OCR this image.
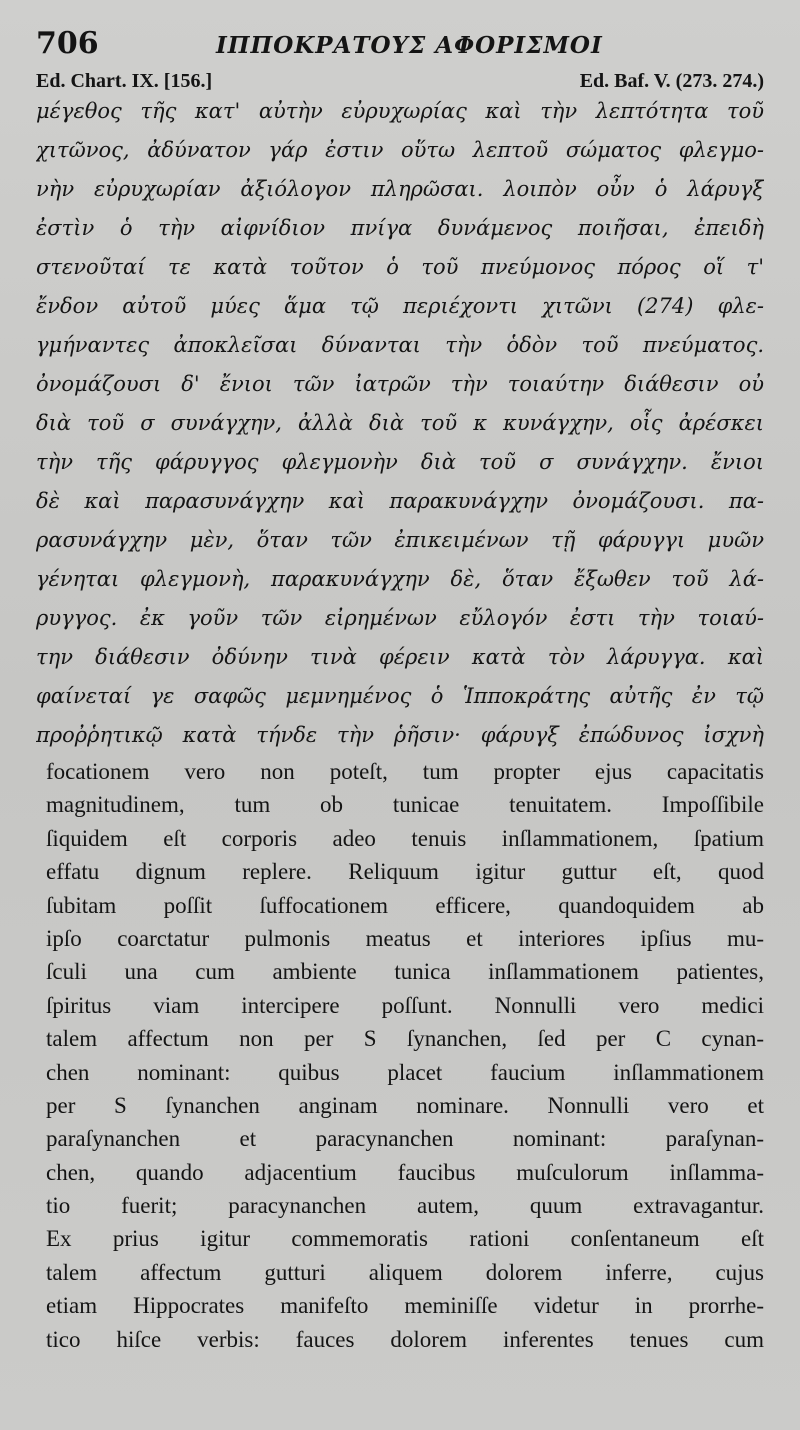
706	ΙΠΠΟΚΡΑΤΟΥΣ ΑΦΟΡΙΣΜΟΙ
Ed. Chart. IX. [156.]	Ed. Baf. V. (273. 274.)
μέγεθος τῆς κατ' αὐτὴν εὐρυχωρίας καὶ τὴν λεπτότητα τοῦ
χιτῶνος, ἀδύνατον γάρ ἐστιν οὕτω λεπτοῦ σώματος φλεγμο-
νὴν εὐρυχωρίαν ἀξιόλογον πληρῶσαι. λοιπὸν οὖν ὁ λάρυγξ
ἐστὶν ὁ τὴν αἰφνίδιον πνίγα δυνάμενος ποιῆσαι, ἐπειδὴ
στενοῦταί τε κατὰ τοῦτον ὁ τοῦ πνεύμονος πόρος οἵ τ'
ἔνδον αὐτοῦ μύες ἅμα τῷ περιέχοντι χιτῶνι (274) φλε-
γμήναντες ἀποκλεῖσαι δύνανται τὴν ὁδὸν τοῦ πνεύματος.
ὀνομάζουσι δ' ἔνιοι τῶν ἰατρῶν τὴν τοιαύτην διάθεσιν οὐ
διὰ τοῦ σ συνάγχην, ἀλλὰ διὰ τοῦ κ κυνάγχην, οἷς ἀρέσκει
τὴν τῆς φάρυγγος φλεγμονὴν διὰ τοῦ σ συνάγχην. ἔνιοι
δὲ καὶ παρασυνάγχην καὶ παρακυνάγχην ὀνομάζουσι. πα-
ρασυνάγχην μὲν, ὅταν τῶν ἐπικειμένων τῇ φάρυγγι μυῶν
γένηται φλεγμονὴ, παρακυνάγχην δὲ, ὅταν ἔξωθεν τοῦ λά-
ρυγγος. ἐκ γοῦν τῶν εἰρημένων εὔλογόν ἐστι τὴν τοιαύ-
την διάθεσιν ὀδύνην τινὰ φέρειν κατὰ τὸν λάρυγγα. καὶ
φαίνεταί γε σαφῶς μεμνημένος ὁ Ἱπποκράτης αὐτῆς ἐν τῷ
προῤῥητικῷ κατὰ τήνδε τὴν ῥῆσιν· φάρυγξ ἐπώδυνος ἰσχνὴ
focationem vero non poteſt, tum propter ejus capacitatis
magnitudinem, tum ob tunicae tenuitatem. Impoſſibile
ſiquidem eſt corporis adeo tenuis inſlammationem, ſpatium
effatu dignum replere. Reliquum igitur guttur eſt, quod
ſubitam poſſit ſuffocationem efficere, quandoquidem ab
ipſo coarctatur pulmonis meatus et interiores ipſius mu-
ſculi una cum ambiente tunica inſlammationem patientes,
ſpiritus viam intercipere poſſunt. Nonnulli vero medici
talem affectum non per S ſynanchen, ſed per C cynan-
chen nominant: quibus placet faucium inſlammationem
per S ſynanchen anginam nominare. Nonnulli vero et
paraſynanchen et paracynanchen nominant: paraſynan-
chen, quando adjacentium faucibus muſculorum inſlamma-
tio fuerit; paracynanchen autem, quum extravagantur.
Ex prius igitur commemoratis rationi conſentaneum eſt
talem affectum gutturi aliquem dolorem inferre, cujus
etiam Hippocrates manifeſto meminiſſe videtur in prorrhe-
tico hiſce verbis: fauces dolorem inferentes tenues cum
